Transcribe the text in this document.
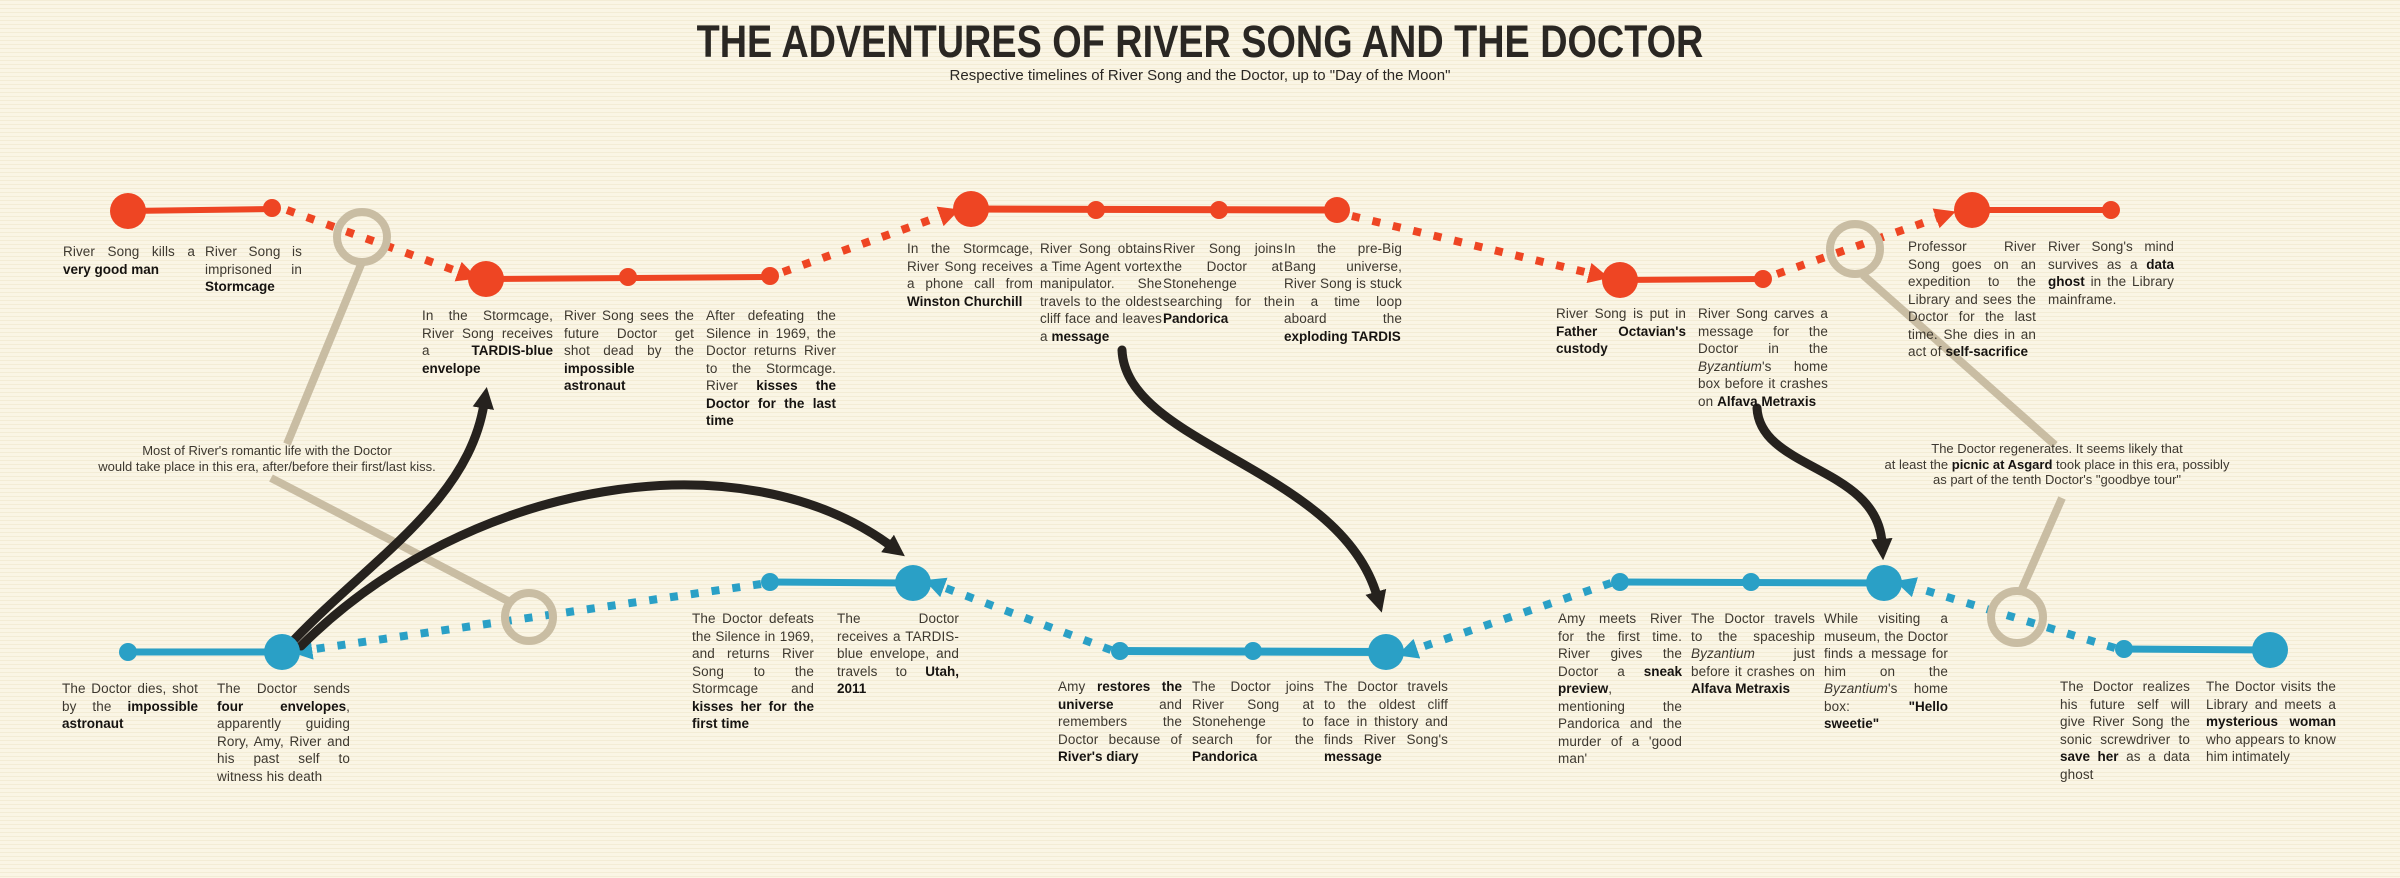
THE ADVENTURES OF RIVER SONG AND THE DOCTOR
Respective timelines of River Song and the Doctor, up to "Day of the Moon"
River Song kills a very good man
River Song is imprisoned in Stormcage
In the Stormcage, River Song receives a TARDIS-blue envelope
River Song sees the future Doctor get shot dead by the impossible astronaut
After defeating the Silence in 1969, the Doctor returns River to the Stormcage. River kisses the Doctor for the last time
In the Stormcage, River Song receives a phone call from Winston Churchill
River Song obtains a Time Agent vortex manipulator. She travels to the oldest cliff face and leaves a message
River Song joins the Doctor at Stonehenge searching for the Pandorica
In the pre-Big Bang universe, River Song is stuck in a time loop aboard the exploding TARDIS
River Song is put in Father Octavian's custody
River Song carves a message for the Doctor in the Byzantium's home box before it crashes on Alfava Metraxis
Professor River Song goes on an expedition to the Library and sees the Doctor for the last time. She dies in an act of self-sacrifice
River Song's mind survives as a data ghost in the Library mainframe.
The Doctor dies, shot by the impossible astronaut
The Doctor sends four envelopes, apparently guiding Rory, Amy, River and his past self to witness his death
The Doctor defeats the Silence in 1969, and returns River Song to the Stormcage and kisses her for the first time
The Doctor receives a TARDIS-blue envelope, and travels to Utah, 2011	Amy restores the universe and remembers the Doctor because of River's diary
The Doctor joins River Song at Stonehenge to search for the Pandorica
The Doctor travels to the oldest cliff face in thistory and finds River Song's message
Amy meets River for the first time. River gives the Doctor a sneak preview, mentioning the Pandorica and the murder of a 'good man'
The Doctor travels to the spaceship Byzantium just before it crashes on Alfava Metraxis
While visiting a museum, the Doctor finds a message for him on the Byzantium's home box: "Hello sweetie"
The Doctor realizes his future self will give River Song the sonic screwdriver to save her as a data ghost
The Doctor visits the Library and meets a mysterious woman who appears to know him intimately
Most of River's romantic life with the Doctor
would take place in this era, after/before their first/last kiss.
The Doctor regenerates. It seems likely that
at least the picnic at Asgard took place in this era, possibly
as part of the tenth Doctor's "goodbye tour"
